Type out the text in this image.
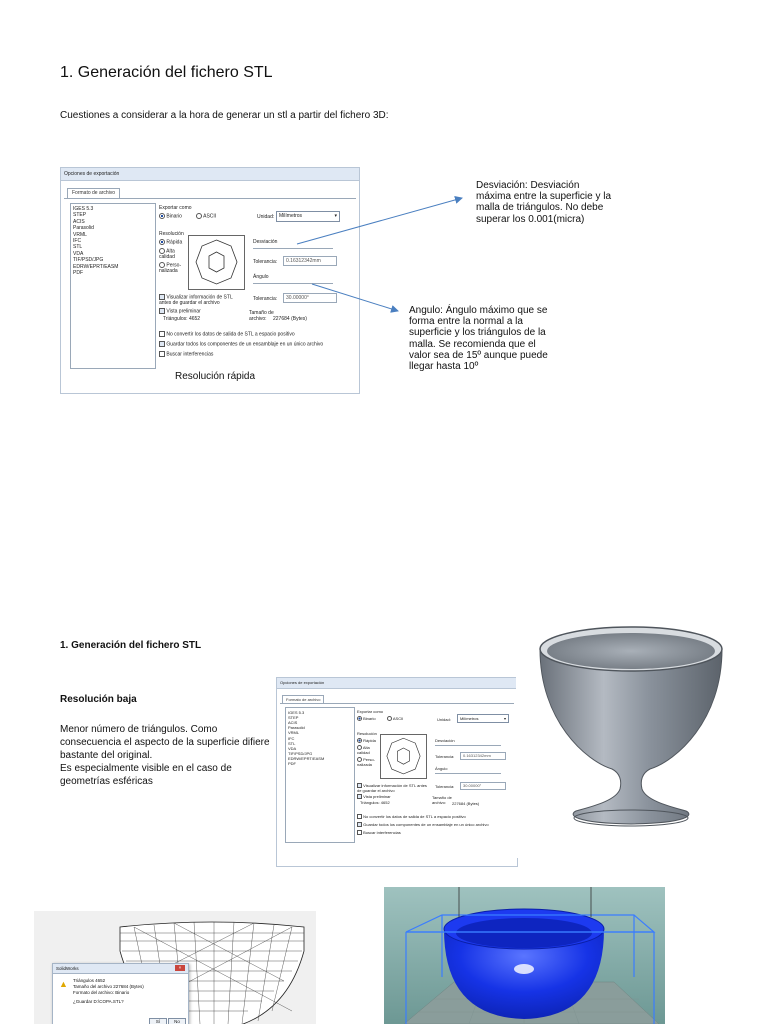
1. Generación del fichero STL

Cuestiones a considerar a la hora de generar un stl a partir del fichero 3D:

Opciones de exportación
Formato de archivo
IGES 5.3
STEP
ACIS
Parasolid
VRML
IFC
STL
VDA
TIF/PSD/JPG
EDRW/EPRT/EASM
PDF
Exportar como
Binario	ASCII	Unidad: Milímetros	▾
Resolución
Rápida
Alta calidad
Perso-nalizada
Desviación
Tolerancia:	0.16312342mm
Ángulo
Tolerancia:	30.00000°
Visualizar información de STL antes de guardar el archivo
Vista preliminar
Triángulos: 4652
Tamaño de archivo:	227684 (Bytes)
No convertir los datos de salida de STL a espacio positivo
Guardar todos los componentes de un ensamblaje en un único archivo
Buscar interferencias
Resolución rápida
Desviación: Desviación máxima entre la superficie y la malla de triángulos. No debe superar los 0.001(micra)
Angulo: Ángulo máximo que se forma entre la normal a la superficie y los triángulos de la malla. Se recomienda que el valor sea de 15º aunque puede llegar hasta 10º
1. Generación del fichero STL
Resolución baja

Menor número de triángulos. Como consecuencia el aspecto de la superficie difiere bastante del original.

Es especialmente visible en el caso de geometrías esféricas

Opciones de exportación
Formato de archivo
IGES 5.3
STEP
ACIS
Parasolid
VRML
IFC
STL
VDA
TIF/PSD/JPG
EDRW/EPRT/EASM
PDF
Exportar como
Binario	ASCII	Unidad:	Milímetros	▾
Resolución
Rápida
Alta calidad
Perso-nalizada
Desviación
Tolerancia:	0.16312342mm
Ángulo
Tolerancia:	30.00000°
Visualizar información de STL antes de guardar el archivo
Vista preliminar
Triángulos: 4652
Tamaño de archivo:	227684 (Bytes)
No convertir los datos de salida de STL a espacio positivo
Guardar todos los componentes de un ensamblaje en un único archivo
Buscar interferencias
SolidWorks	×
▲ Triángulos 4652
Tamaño del archivo 227684 (Bytes)
Formato del archivo: Binario
¿Guardar D:\COPA.STL?
Sí	No
